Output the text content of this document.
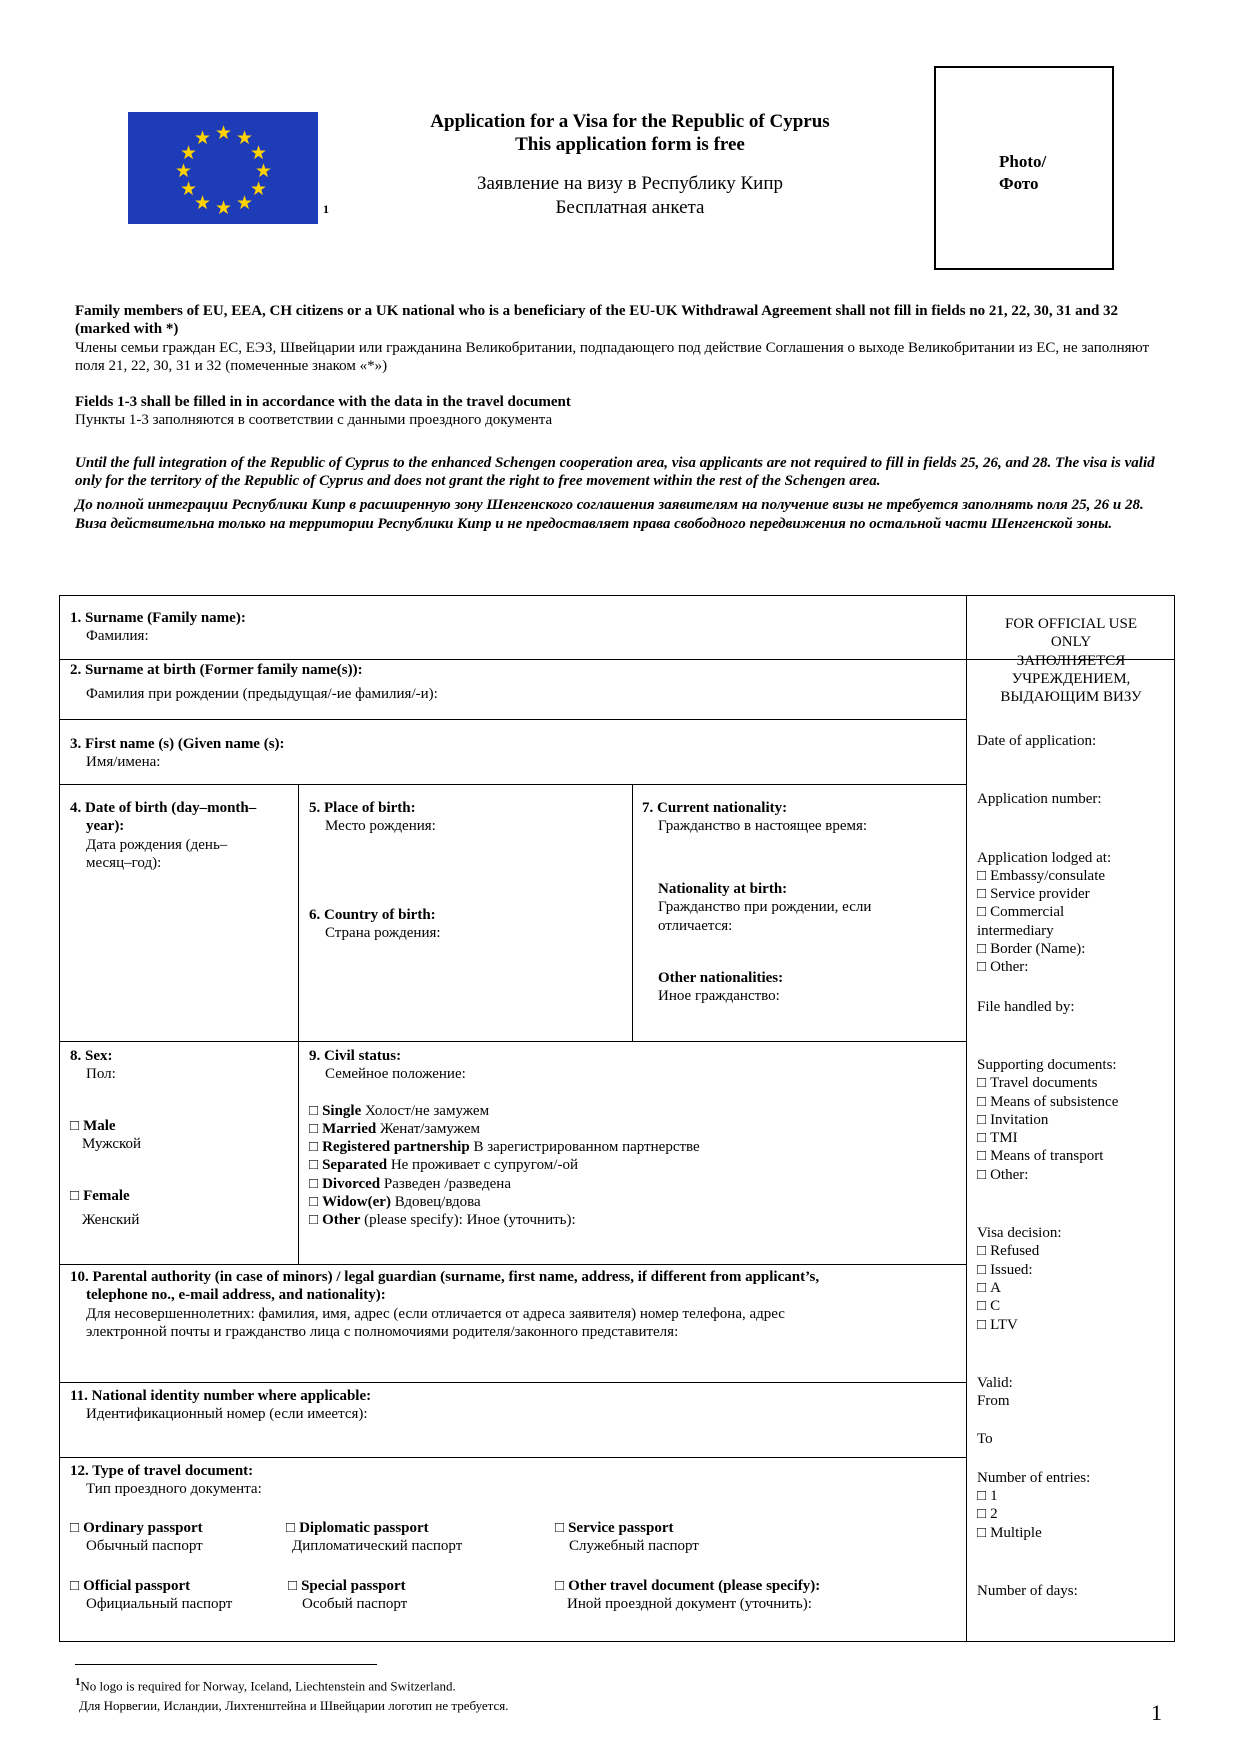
★ ★
★
★
★
★
★
★
★
★
★
★
1
Application for a Visa for the Republic of Cyprus
This application form is free
Заявление на визу в Республику Кипр
Бесплатная анкета
Photo/
Фото
Family members of EU, EEA, CH citizens or a UK national who is a beneficiary of the EU-UK Withdrawal Agreement shall not fill in fields no 21, 22, 30, 31 and 32 (marked with *)
Члены семьи граждан ЕС, ЕЭЗ, Швейцарии или гражданина Великобритании, подпадающего под действие Соглашения о выходе Великобритании из ЕС, не заполняют поля 21, 22, 30, 31 и 32 (помеченные знаком «*»)
Fields 1-3 shall be filled in in accordance with the data in the travel document
Пункты 1-3 заполняются в соответствии с данными проездного документа
Until the full integration of the Republic of Cyprus to the enhanced Schengen cooperation area, visa applicants are not required to fill in fields 25, 26, and 28. The visa is valid only for the territory of the Republic of Cyprus and does not grant the right to free movement within the rest of the Schengen area.
До полной интеграции Республики Кипр в расширенную зону Шенгенского соглашения заявителям на получение визы не требуется заполнять поля 25, 26 и 28. Виза действительна только на территории Республики Кипр и не предоставляет права свободного передвижения по остальной части Шенгенской зоны.
1. Surname (Family name):
Фамилия:
2. Surname at birth (Former family name(s)):
Фамилия при рождении (предыдущая/-ие фамилия/-и):
3. First name (s) (Given name (s):
Имя/имена:
4. Date of birth (day–month–
year):
Дата рождения (день–
месяц–год):
5. Place of birth:
Место рождения:
6. Country of birth:
Страна рождения:
7. Current nationality:
Гражданство в настоящее время:
Nationality at birth:
Гражданство при рождении, если
отличается:
Other nationalities:
Иное гражданство:
8. Sex:
Пол:
□ Male
Мужской
□ Female
Женский
9. Civil status:
Семейное положение:
□ Single Холост/не замужем
□ Married Женат/замужем
□ Registered partnership В зарегистрированном партнерстве
□ Separated Не проживает с супругом/-ой
□ Divorced Разведен /разведена
□ Widow(er) Вдовец/вдова
□ Other (please specify): Иное (уточнить):
10. Parental authority (in case of minors) / legal guardian (surname, first name, address, if different from applicant’s,
telephone no., e-mail address, and nationality):
Для несовершеннолетних: фамилия, имя, адрес (если отличается от адреса заявителя) номер телефона, адрес
электронной почты и гражданство лица с полномочиями родителя/законного представителя:
11. National identity number where applicable:
Идентификационный номер (если имеется):
12. Type of travel document:
Тип проездного документа:
□ Ordinary passport
Обычный паспорт
□ Diplomatic passport
Дипломатический паспорт
□ Service passport
Служебный паспорт
□ Official passport
Официальный паспорт
□ Special passport
Особый паспорт
□ Other travel document (please specify):
Иной проездной документ (уточнить):
FOR OFFICIAL USE
ONLY
ЗАПОЛНЯЕТСЯ
УЧРЕЖДЕНИЕМ,
ВЫДАЮЩИМ ВИЗУ
Date of application:
Application number:
Application lodged at:
□ Embassy/consulate
□ Service provider
□ Commercial
intermediary
□ Border (Name):
□ Other:
File handled by:
Supporting documents:
□ Travel documents
□ Means of subsistence
□ Invitation
□ TMI
□ Means of transport
□ Other:
Visa decision:
□ Refused
□ Issued:
□ A
□ C
□ LTV
Valid:
From
To
Number of entries:
□ 1
□ 2
□ Multiple
Number of days:
$^1$No logo is required for Norway, Iceland, Liechtenstein and Switzerland.
Для Норвегии, Исландии, Лихтенштейна и Швейцарии логотип не требуется.	1
